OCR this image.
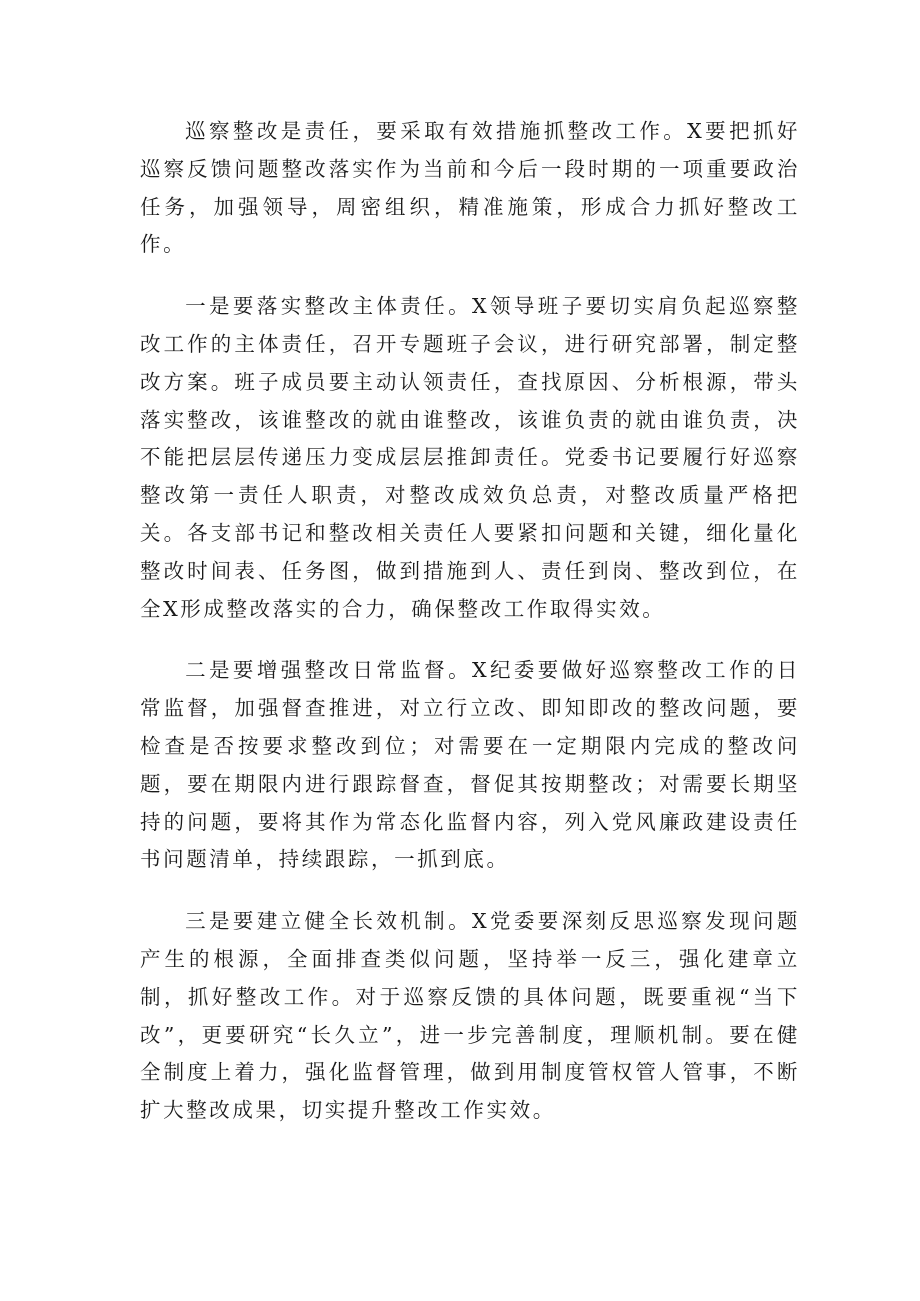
巡察整改是责任，要采取有效措施抓整改工作。X要把抓好巡察反馈问题整改落实作为当前和今后一段时期的一项重要政治任务，加强领导，周密组织，精准施策，形成合力抓好整改工作。

一是要落实整改主体责任。X领导班子要切实肩负起巡察整改工作的主体责任，召开专题班子会议，进行研究部署，制定整改方案。班子成员要主动认领责任，查找原因、分析根源，带头落实整改，该谁整改的就由谁整改，该谁负责的就由谁负责，决不能把层层传递压力变成层层推卸责任。党委书记要履行好巡察整改第一责任人职责，对整改成效负总责，对整改质量严格把关。各支部书记和整改相关责任人要紧扣问题和关键，细化量化整改时间表、任务图，做到措施到人、责任到岗、整改到位，在全X形成整改落实的合力，确保整改工作取得实效。

二是要增强整改日常监督。X纪委要做好巡察整改工作的日常监督，加强督查推进，对立行立改、即知即改的整改问题，要检查是否按要求整改到位；对需要在一定期限内完成的整改问题，要在期限内进行跟踪督查，督促其按期整改；对需要长期坚持的问题，要将其作为常态化监督内容，列入党风廉政建设责任书问题清单，持续跟踪，一抓到底。

三是要建立健全长效机制。X党委要深刻反思巡察发现问题产生的根源，全面排查类似问题，坚持举一反三，强化建章立制，抓好整改工作。对于巡察反馈的具体问题，既要重视“当下改”，更要研究“长久立”，进一步完善制度，理顺机制。要在健全制度上着力，强化监督管理，做到用制度管权管人管事，不断扩大整改成果，切实提升整改工作实效。
